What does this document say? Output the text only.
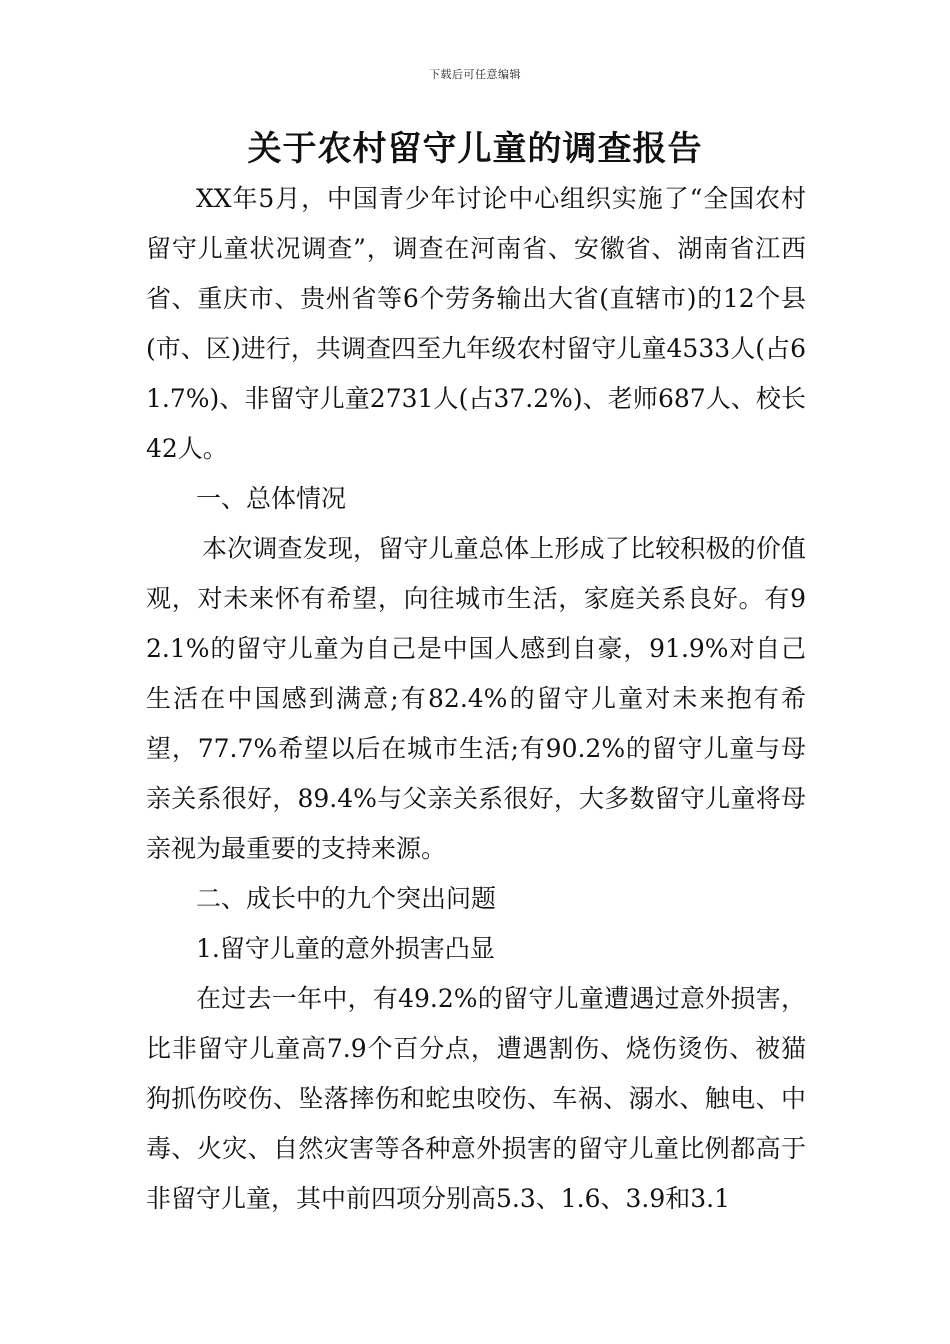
下载后可任意编辑
关于农村留守儿童的调查报告

XX年5月，中国青少年讨论中心组织实施了“全国农村留守儿童状况调查”，调查在河南省、安徽省、湖南省江西省、重庆市、贵州省等6个劳务输出大省(直辖市)的12个县(市、区)进行，共调查四至九年级农村留守儿童4533人(占61.7%)、非留守儿童2731人(占37.2%)、老师687人、校长42人。

一、总体情况

本次调查发现，留守儿童总体上形成了比较积极的价值观，对未来怀有希望，向往城市生活，家庭关系良好。有92.1%的留守儿童为自己是中国人感到自豪，91.9%对自己生活在中国感到满意;有82.4%的留守儿童对未来抱有希望，77.7%希望以后在城市生活;有90.2%的留守儿童与母亲关系很好，89.4%与父亲关系很好，大多数留守儿童将母亲视为最重要的支持来源。

二、成长中的九个突出问题

1.留守儿童的意外损害凸显

在过去一年中，有49.2%的留守儿童遭遇过意外损害，比非留守儿童高7.9个百分点，遭遇割伤、烧伤烫伤、被猫狗抓伤咬伤、坠落摔伤和蛇虫咬伤、车祸、溺水、触电、中毒、火灾、自然灾害等各种意外损害的留守儿童比例都高于非留守儿童，其中前四项分别高5.3、1.6、3.9和3.1
